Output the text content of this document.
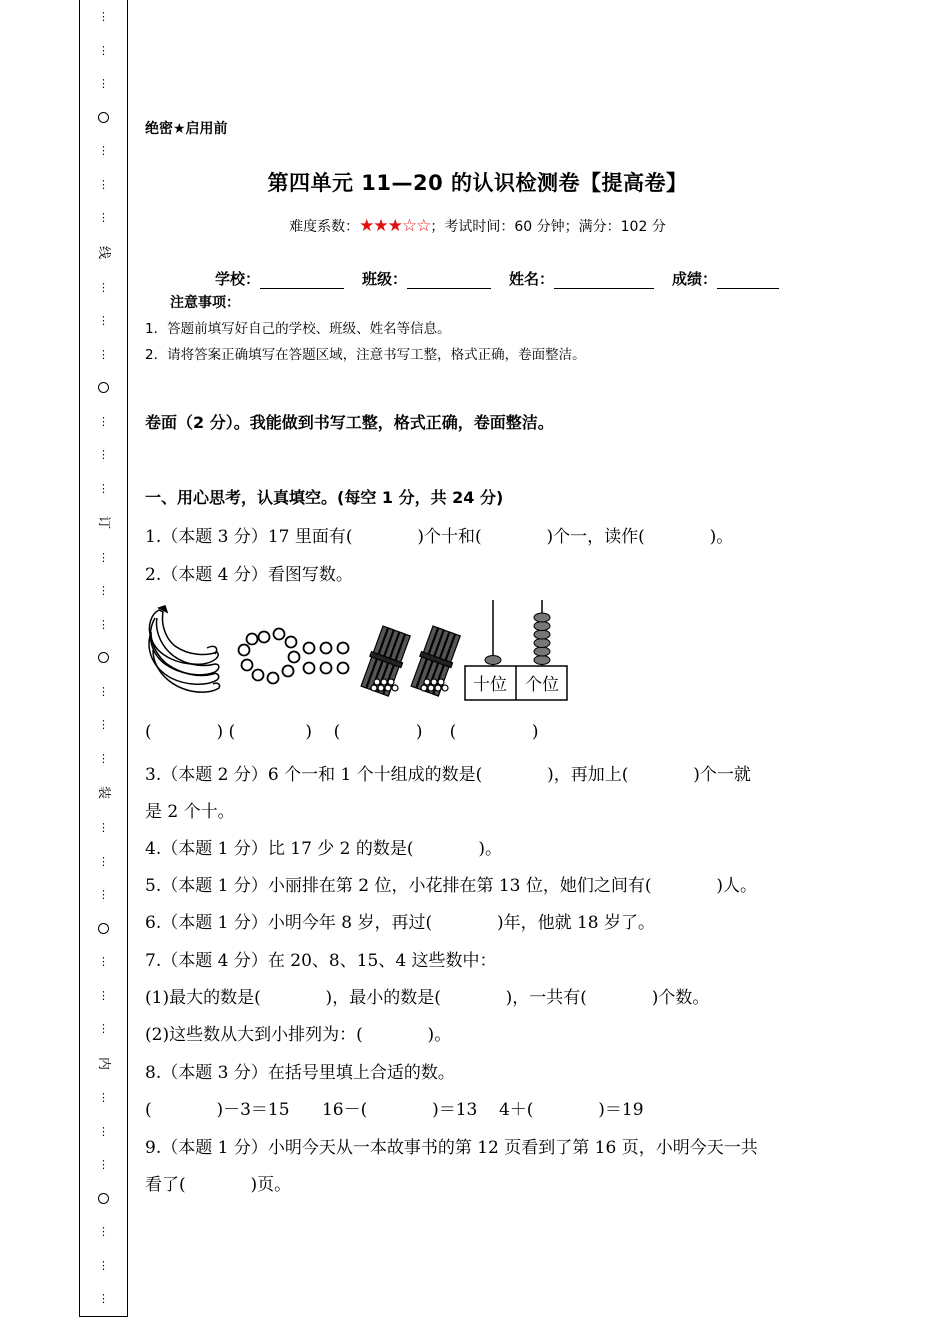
⋮
⋮
⋮
⋮
⋮
⋮
线
⋮
⋮
⋮
⋮
⋮
⋮
订
⋮
⋮
⋮
⋮
⋮
⋮
装
⋮
⋮
⋮
⋮
⋮
⋮
内
⋮
⋮
⋮
⋮
⋮
⋮
绝密★启用前
第四单元 11—20 的认识检测卷【提高卷】
难度系数：★★★☆☆；考试时间：60 分钟；满分：102 分
学校：	班级：	姓名：	成绩：
注意事项：
1．答题前填写好自己的学校、班级、姓名等信息。
2．请将答案正确填写在答题区域，注意书写工整，格式正确，卷面整洁。
卷面（2 分）。我能做到书写工整，格式正确，卷面整洁。
一、用心思考，认真填空。(每空 1 分，共 24 分)
1.（本题 3 分）17 里面有(            )个十和(            )个一，读作(            )。
2.（本题 4 分）看图写数。
十位 个位
(            ) (             )    (              )     (              )
3.（本题 2 分）6 个一和 1 个十组成的数是(            )，再加上(            )个一就
是 2 个十。
4.（本题 1 分）比 17 少 2 的数是(            )。
5.（本题 1 分）小丽排在第 2 位，小花排在第 13 位，她们之间有(            )人。
6.（本题 1 分）小明今年 8 岁，再过(            )年，他就 18 岁了。
7.（本题 4 分）在 20、8、15、4 这些数中：
(1)最大的数是(            )，最小的数是(            )，一共有(            )个数。
(2)这些数从大到小排列为：(            )。
8.（本题 3 分）在括号里填上合适的数。
(            )－3＝15      16－(            )＝13    4＋(            )＝19
9.（本题 1 分）小明今天从一本故事书的第 12 页看到了第 16 页，小明今天一共
看了(            )页。
